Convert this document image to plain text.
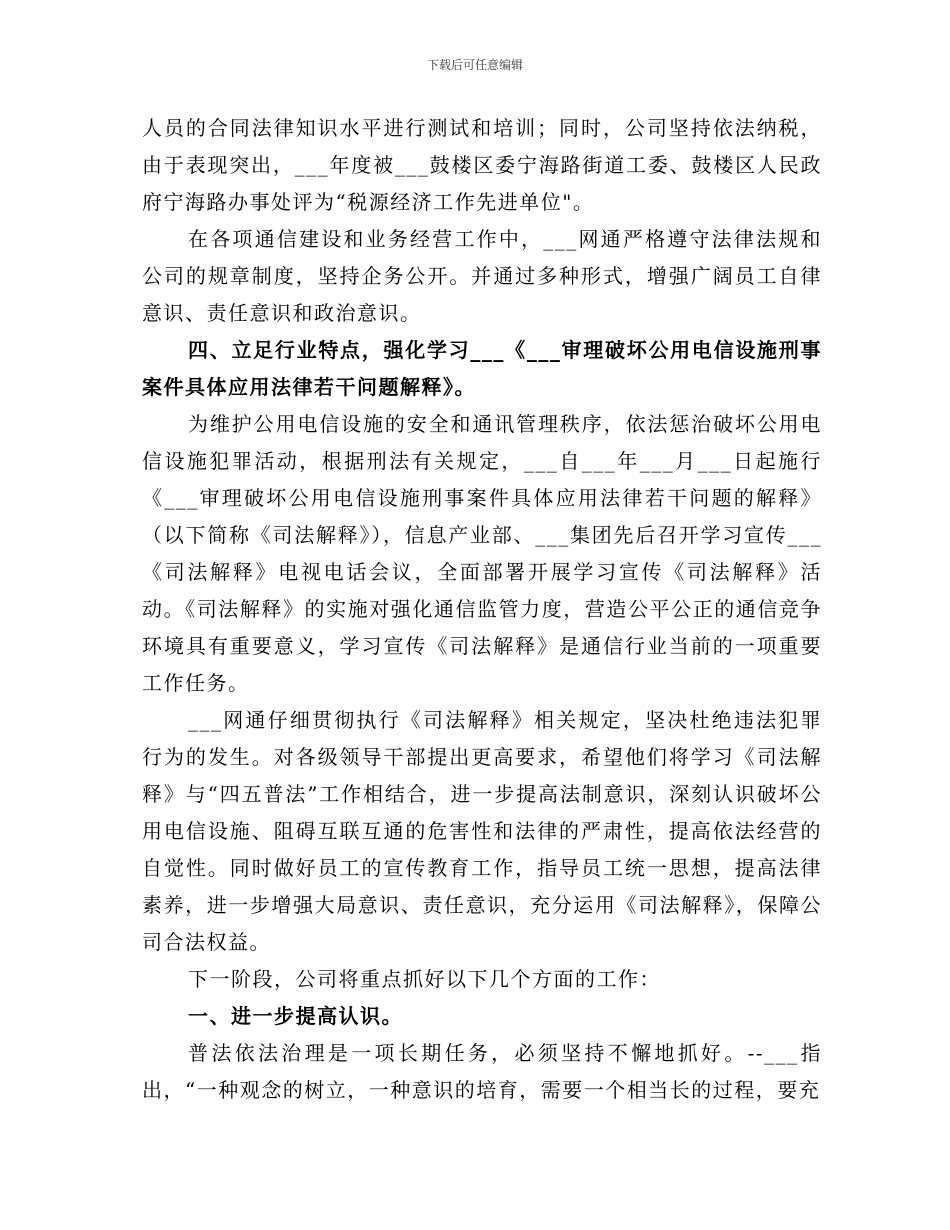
下载后可任意编辑

人员的合同法律知识水平进行测试和培训；同时，公司坚持依法纳税，由于表现突出，___年度被___鼓楼区委宁海路街道工委、鼓楼区人民政府宁海路办事处评为“税源经济工作先进单位"。

在各项通信建设和业务经营工作中，___网通严格遵守法律法规和公司的规章制度，坚持企务公开。并通过多种形式，增强广阔员工自律意识、责任意识和政治意识。

四、立足行业特点，强化学习___《___审理破坏公用电信设施刑事案件具体应用法律若干问题解释》。

为维护公用电信设施的安全和通讯管理秩序，依法惩治破坏公用电信设施犯罪活动，根据刑法有关规定，___自___年___月___日起施行《___审理破坏公用电信设施刑事案件具体应用法律若干问题的解释》（以下简称《司法解释》），信息产业部、___集团先后召开学习宣传___《司法解释》电视电话会议，全面部署开展学习宣传《司法解释》活动。《司法解释》的实施对强化通信监管力度，营造公平公正的通信竞争环境具有重要意义，学习宣传《司法解释》是通信行业当前的一项重要工作任务。

___网通仔细贯彻执行《司法解释》相关规定，坚决杜绝违法犯罪行为的发生。对各级领导干部提出更高要求，希望他们将学习《司法解释》与“四五普法”工作相结合，进一步提高法制意识，深刻认识破坏公用电信设施、阻碍互联互通的危害性和法律的严肃性，提高依法经营的自觉性。同时做好员工的宣传教育工作，指导员工统一思想，提高法律素养，进一步增强大局意识、责任意识，充分运用《司法解释》，保障公司合法权益。

下一阶段，公司将重点抓好以下几个方面的工作：

一、进一步提高认识。

普法依法治理是一项长期任务，必须坚持不懈地抓好。--___指出，“一种观念的树立，一种意识的培育，需要一个相当长的过程，要充
